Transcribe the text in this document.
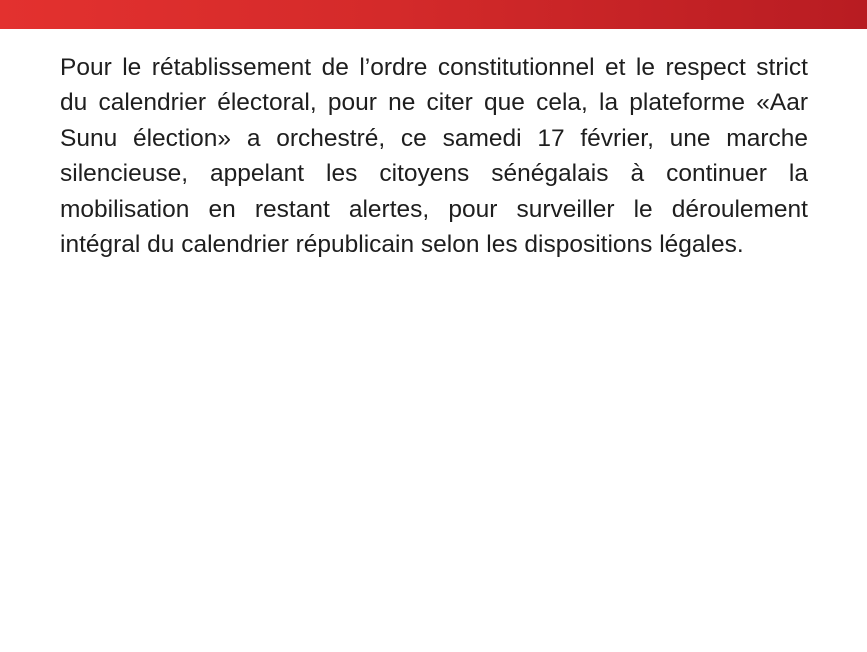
Pour le rétablissement de l’ordre constitutionnel et le respect strict du calendrier électoral, pour ne citer que cela, la plateforme «Aar Sunu élection» a orchestré, ce samedi 17 février, une marche silencieuse, appelant les citoyens sénégalais à continuer la mobilisation en restant alertes, pour surveiller le déroulement intégral du calendrier républicain selon les dispositions légales.
